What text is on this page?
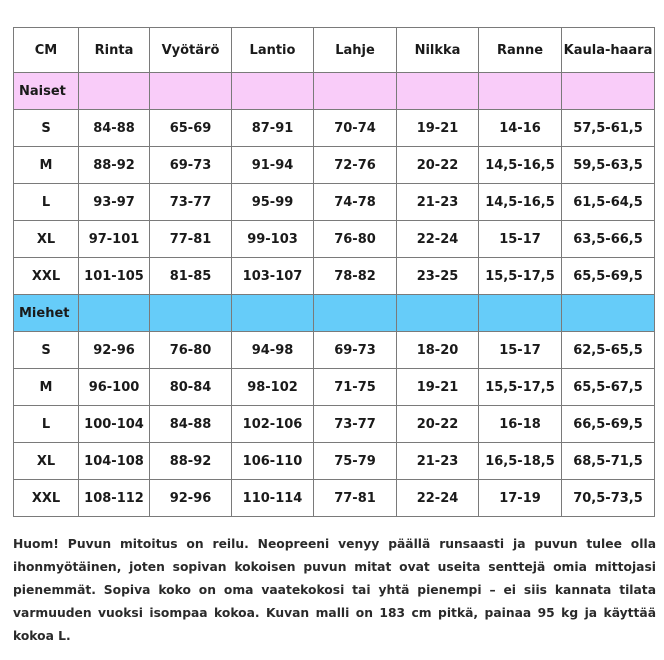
CM	Rinta	Vyötärö	Lantio	Lahje	Nilkka	Ranne	Kaula-haara
Naiset							
S	84-88	65-69	87-91	70-74	19-21	14-16	57,5-61,5
M	88-92	69-73	91-94	72-76	20-22	14,5-16,5	59,5-63,5
L	93-97	73-77	95-99	74-78	21-23	14,5-16,5	61,5-64,5
XL	97-101	77-81	99-103	76-80	22-24	15-17	63,5-66,5
XXL	101-105	81-85	103-107	78-82	23-25	15,5-17,5	65,5-69,5
Miehet							
S	92-96	76-80	94-98	69-73	18-20	15-17	62,5-65,5
M	96-100	80-84	98-102	71-75	19-21	15,5-17,5	65,5-67,5
L	100-104	84-88	102-106	73-77	20-22	16-18	66,5-69,5
XL	104-108	88-92	106-110	75-79	21-23	16,5-18,5	68,5-71,5
XXL	108-112	92-96	110-114	77-81	22-24	17-19	70,5-73,5

Huom! Puvun mitoitus on reilu. Neopreeni venyy päällä runsaasti ja puvun tulee olla ihonmyötäinen, joten sopivan kokoisen puvun mitat ovat useita senttejä omia mittojasi pienemmät. Sopiva koko on oma vaatekokosi tai yhtä pienempi – ei siis kannata tilata varmuuden vuoksi isompaa kokoa. Kuvan malli on 183 cm pitkä, painaa 95 kg ja käyttää kokoa L.
